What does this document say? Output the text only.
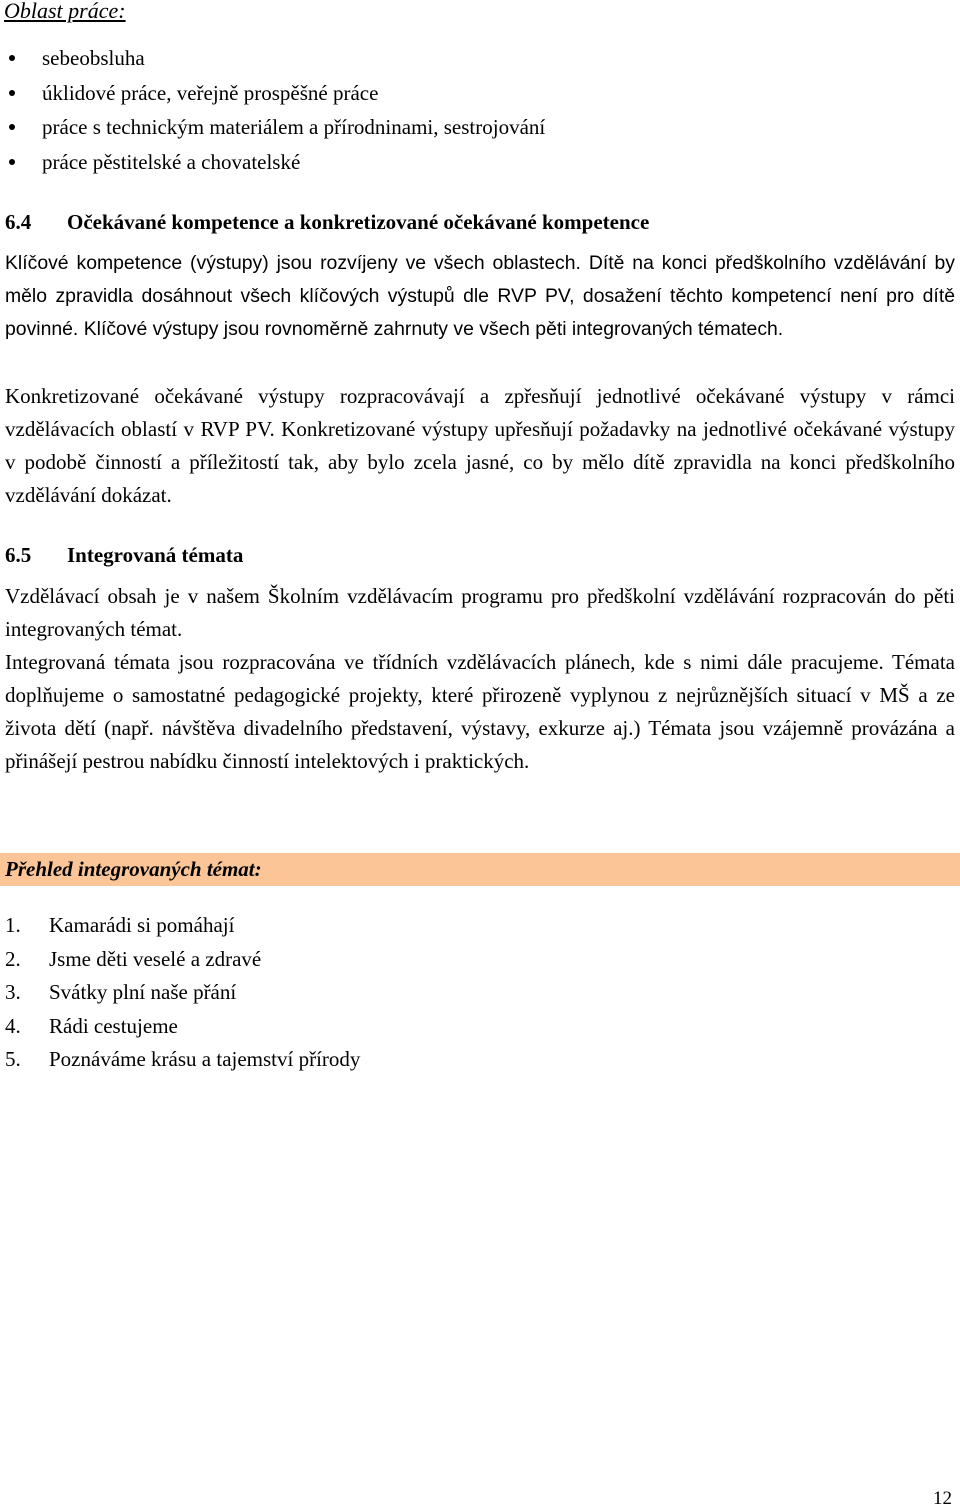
Oblast práce:
sebeobsluha
úklidové práce, veřejně prospěšné práce
práce s technickým materiálem a přírodninami, sestrojování
práce pěstitelské a chovatelské
6.4 Očekávané kompetence a konkretizované očekávané kompetence

Klíčové kompetence (výstupy) jsou rozvíjeny ve všech oblastech. Dítě na konci předškolního vzdělávání by mělo zpravidla dosáhnout všech klíčových výstupů dle RVP PV, dosažení těchto kompetencí není pro dítě povinné. Klíčové výstupy jsou rovnoměrně zahrnuty ve všech pěti integrovaných tématech.

Konkretizované očekávané výstupy rozpracovávají a zpřesňují jednotlivé očekávané výstupy v rámci vzdělávacích oblastí v RVP PV. Konkretizované výstupy upřesňují požadavky na jednotlivé očekávané výstupy v podobě činností a příležitostí tak, aby bylo zcela jasné, co by mělo dítě zpravidla na konci předškolního vzdělávání dokázat.

6.5 Integrovaná témata

Vzdělávací obsah je v našem Školním vzdělávacím programu pro předškolní vzdělávání rozpracován do pěti integrovaných témat.

Integrovaná témata jsou rozpracována ve třídních vzdělávacích plánech, kde s nimi dále pracujeme. Témata doplňujeme o samostatné pedagogické projekty, které přirozeně vyplynou z nejrůznějších situací v MŠ a ze života dětí (např. návštěva divadelního představení, výstavy, exkurze aj.) Témata jsou vzájemně provázána a přinášejí pestrou nabídku činností intelektových i praktických.

Přehled integrovaných témat:
1. Kamarádi si pomáhají
2. Jsme děti veselé a zdravé
3. Svátky plní naše přání
4. Rádi cestujeme
5. Poznáváme krásu a tajemství přírody
12
